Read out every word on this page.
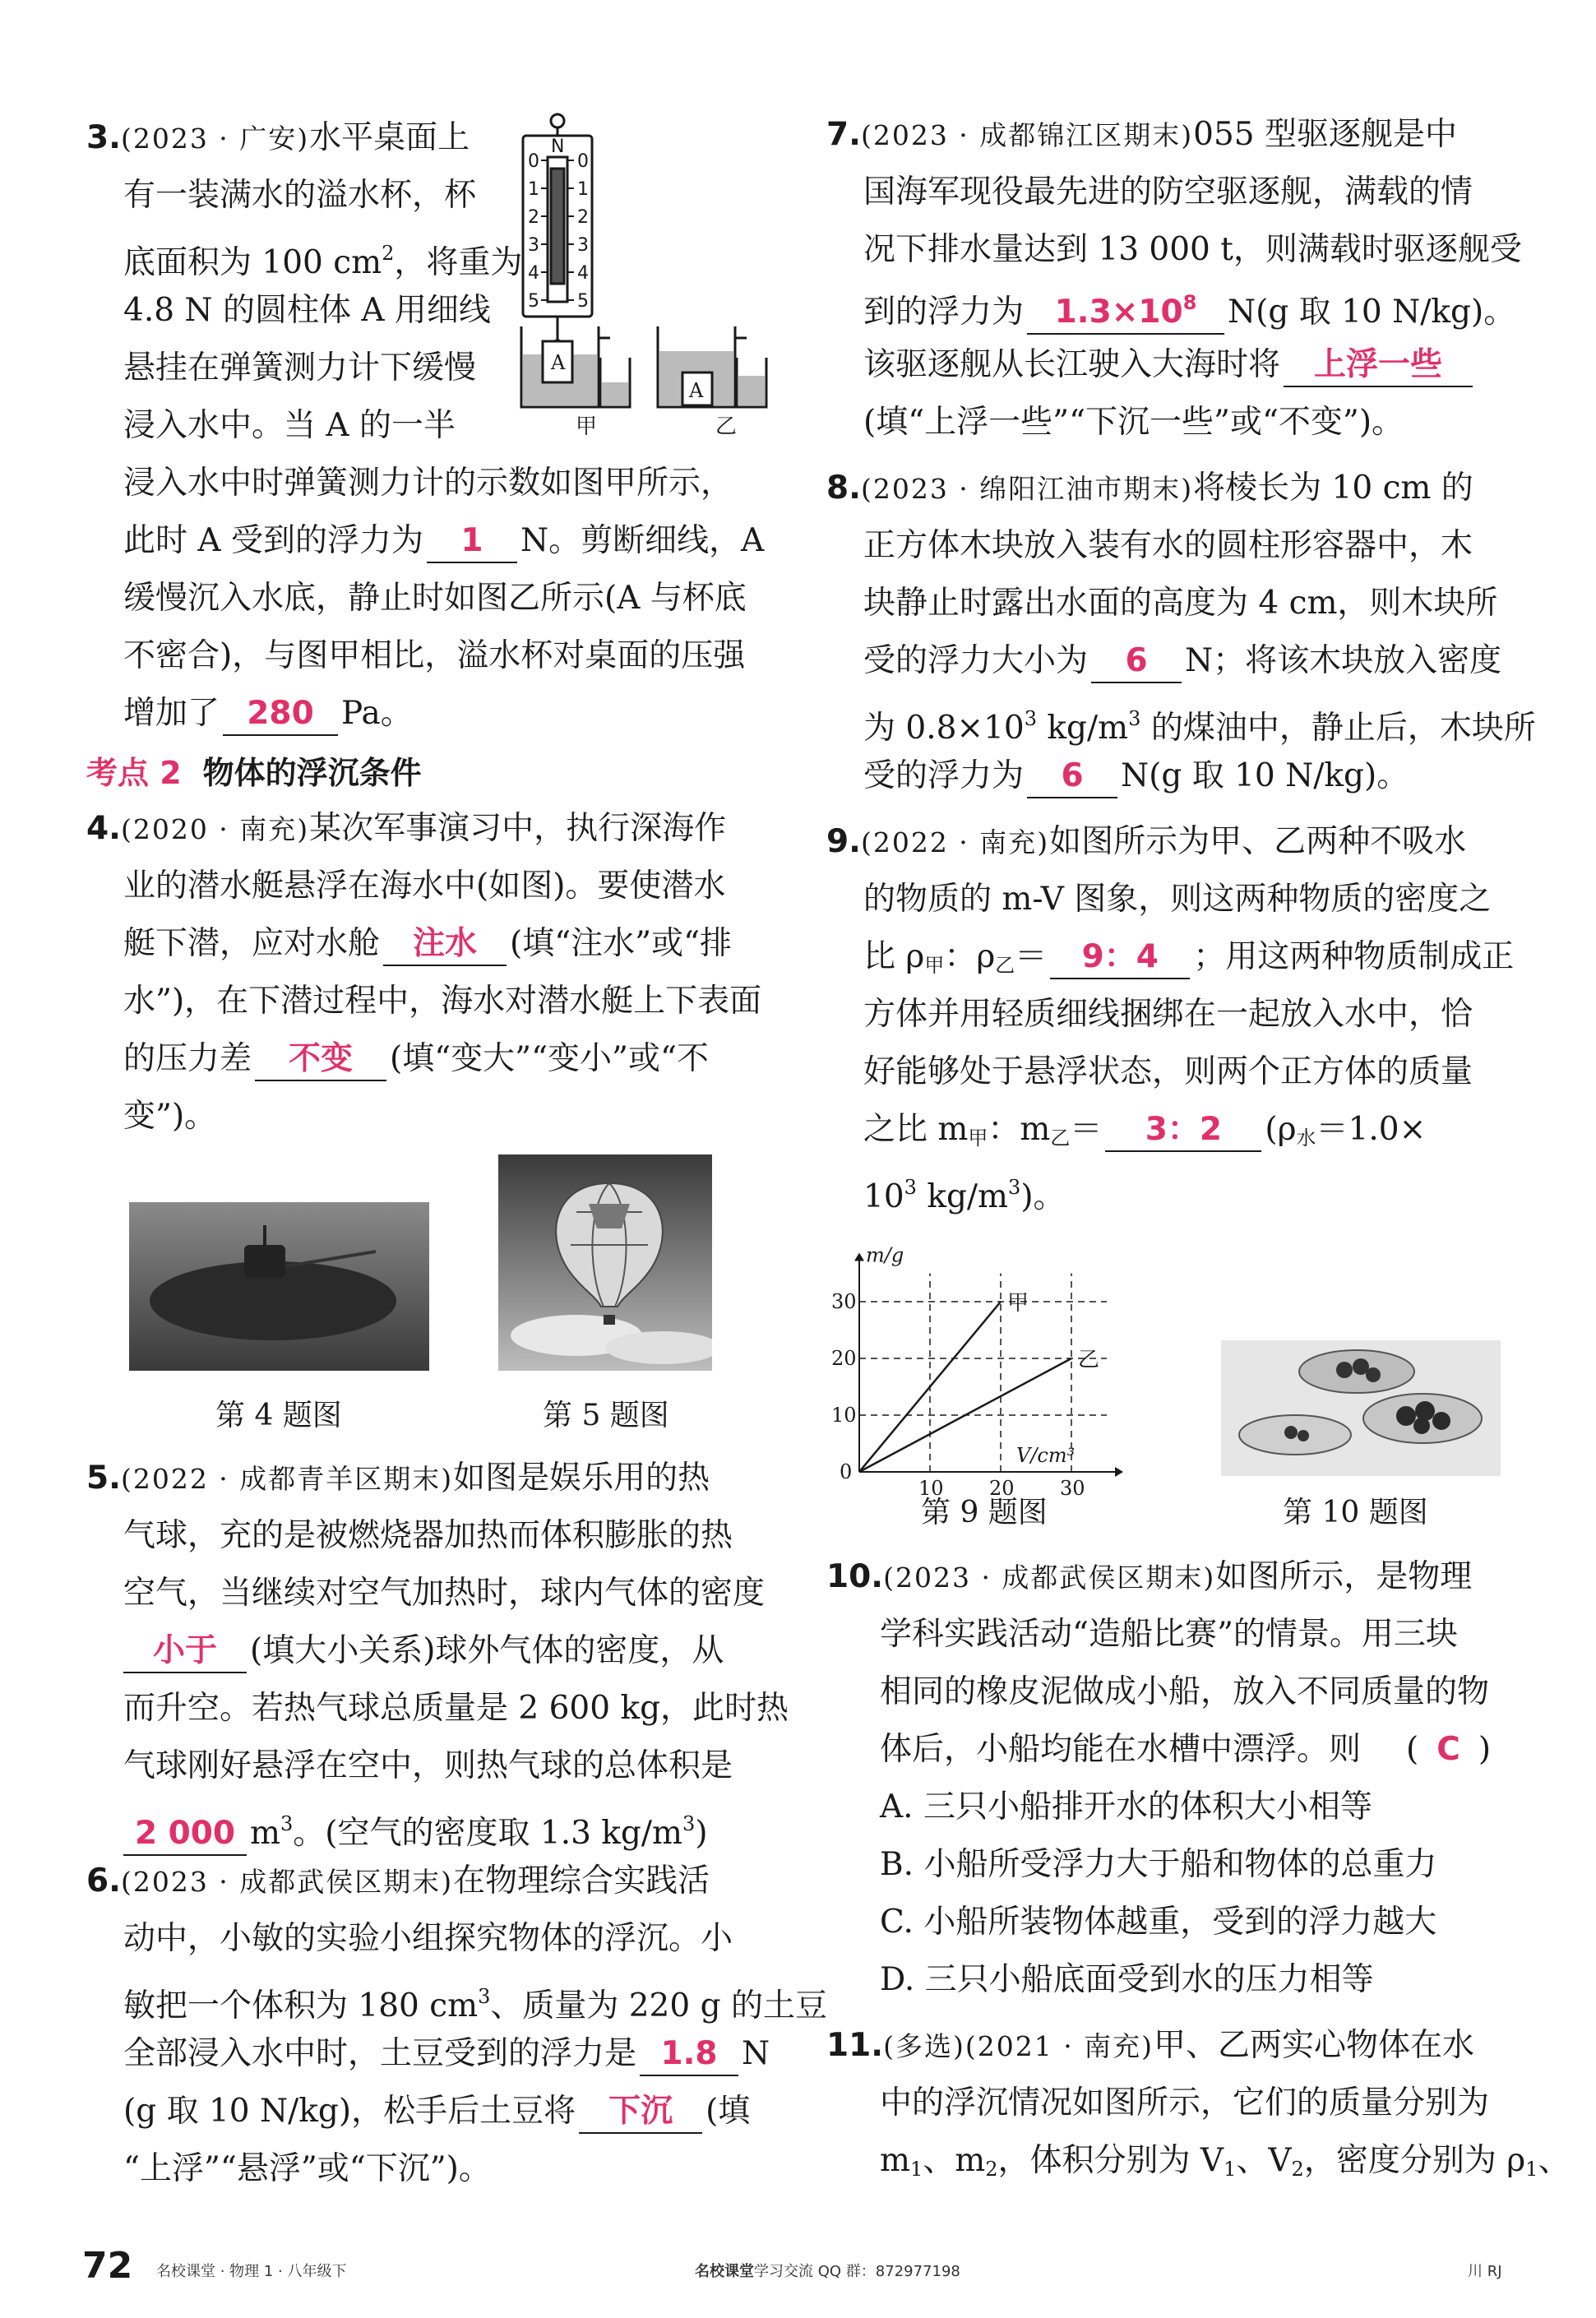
3.(2023 · 广安)水平桌面上
有一装满水的溢水杯，杯
底面积为 100 $cm^2$，将重为
4.8 N 的圆柱体 A 用细线
悬挂在弹簧测力计下缓慢
浸入水中。当 A 的一半
浸入水中时弹簧测力计的示数如图甲所示，
此时 A 受到的浮力为 1 N。剪断细线，A
缓慢沉入水底，静止时如图乙所示(A 与杯底
不密合)，与图甲相比，溢水杯对桌面的压强
增加了 280 Pa。
N
0
1
2
3
4
5
0
1
2
3
4
5
A
A
甲	乙
考点 2 物体的浮沉条件
4.(2020 · 南充)某次军事演习中，执行深海作
业的潜水艇悬浮在海水中(如图)。要使潜水
艇下潜，应对水舱 注水 (填“注水”或“排
水”)，在下潜过程中，海水对潜水艇上下表面
的压力差 不变 (填“变大”“变小”或“不
变”)。
第 4 题图	第 5 题图
5.(2022 · 成都青羊区期末)如图是娱乐用的热
气球，充的是被燃烧器加热而体积膨胀的热
空气，当继续对空气加热时，球内气体的密度
小于 (填大小关系)球外气体的密度，从
而升空。若热气球总质量是 2 600 kg，此时热
气球刚好悬浮在空中，则热气球的总体积是
2 000 $m^3$。(空气的密度取 1.3 $kg/m^3$)
6.(2023 · 成都武侯区期末)在物理综合实践活
动中，小敏的实验小组探究物体的浮沉。小
敏把一个体积为 180 $cm^3$、质量为 220 g 的土豆
全部浸入水中时，土豆受到的浮力是 1.8 N
(g 取 10 N/kg)，松手后土豆将 下沉 (填
“上浮”“悬浮”或“下沉”)。
7.(2023 · 成都锦江区期末)055 型驱逐舰是中
国海军现役最先进的防空驱逐舰，满载的情
况下排水量达到 13 000 t，则满载时驱逐舰受
到的浮力为 $1.3\times 10^8$ N(g 取 10 N/kg)。
该驱逐舰从长江驶入大海时将 上浮一些
(填“上浮一些”“下沉一些”或“不变”)。
8.(2023 · 绵阳江油市期末)将棱长为 10 cm 的
正方体木块放入装有水的圆柱形容器中，木
块静止时露出水面的高度为 4 cm，则木块所
受的浮力大小为 6 N；将该木块放入密度
为 $0.8\times 10^3$ $kg/m^3$ 的煤油中，静止后，木块所
受的浮力为 6 N(g 取 10 N/kg)。
9.(2022 · 南充)如图所示为甲、乙两种不吸水
的物质的 m-V 图象，则这两种物质的密度之
比 $\rho_甲$：$\rho_乙= 9$：4 ；用这两种物质制成正
方体并用轻质细线捆绑在一起放入水中，恰
好能够处于悬浮状态，则两个正方体的质量
之比 $m_甲$：$m_乙= 3$：2 ($\rho_水=1.0\times$
$10^3$ $kg/m^3$)。
10
10
20
20
30
30
0
m/g
V/cm³
甲
乙
第 9 题图	第 10 题图
10.(2023 · 成都武侯区期末)如图所示，是物理
学科实践活动“造船比赛”的情景。用三块
相同的橡皮泥做成小船，放入不同质量的物
体后，小船均能在水槽中漂浮。则 ( C )
A. 三只小船排开水的体积大小相等
B. 小船所受浮力大于船和物体的总重力
C. 小船所装物体越重，受到的浮力越大
D. 三只小船底面受到水的压力相等
11.(多选)(2021 · 南充)甲、乙两实心物体在水
中的浮沉情况如图所示，它们的质量分别为
$m_1$、$m_2$，体积分别为 $V_1$、$V_2$，密度分别为 $\rho_1$、
72 名校课堂 · 物理 1 · 八年级下	名校课堂学习交流 QQ 群：872977198	川 RJ
